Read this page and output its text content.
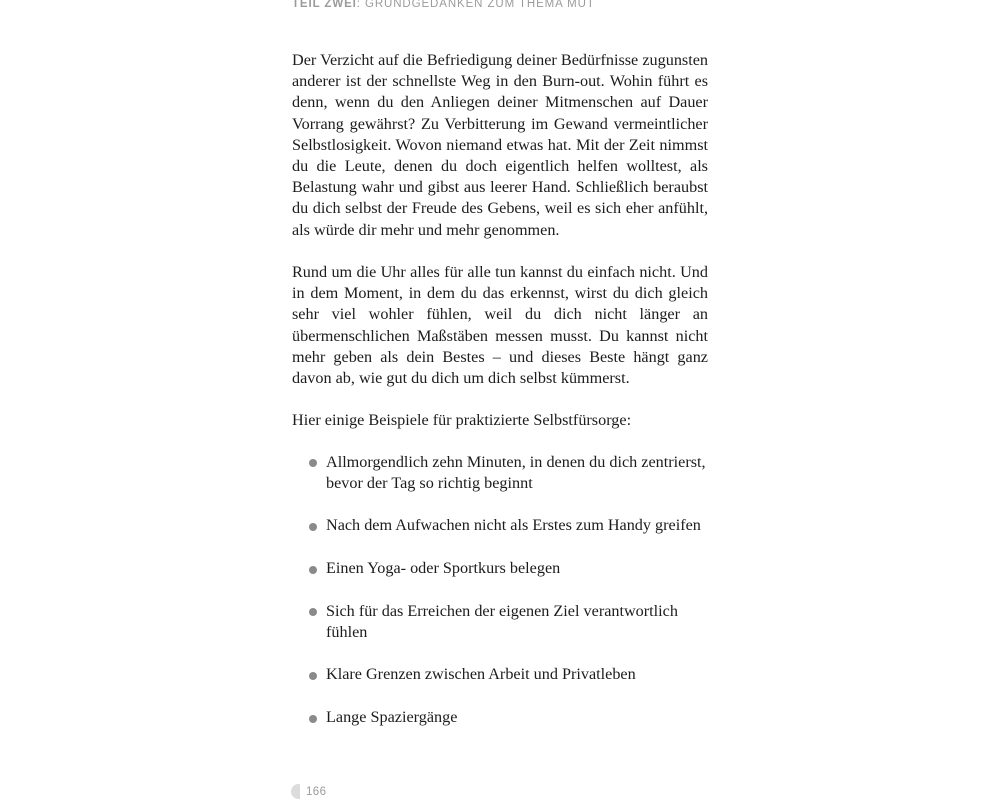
TEIL ZWEI: GRUNDGEDANKEN ZUM THEMA MUT

Der Verzicht auf die Befriedigung deiner Bedürfnisse zugunsten anderer ist der schnellste Weg in den Burn-out. Wohin führt es denn, wenn du den Anliegen deiner Mitmenschen auf Dauer Vorrang gewährst? Zu Verbitterung im Gewand vermeintlicher Selbstlosigkeit. Wovon niemand etwas hat. Mit der Zeit nimmst du die Leute, denen du doch eigentlich helfen wolltest, als Belastung wahr und gibst aus leerer Hand. Schließlich beraubst du dich selbst der Freude des Gebens, weil es sich eher anfühlt, als würde dir mehr und mehr genommen.

Rund um die Uhr alles für alle tun kannst du einfach nicht. Und in dem Moment, in dem du das erkennst, wirst du dich gleich sehr viel wohler fühlen, weil du dich nicht länger an übermenschlichen Maßstäben messen musst. Du kannst nicht mehr geben als dein Bestes – und dieses Beste hängt ganz davon ab, wie gut du dich um dich selbst kümmerst.

Hier einige Beispiele für praktizierte Selbstfürsorge:

Allmorgendlich zehn Minuten, in denen du dich zentrierst, bevor der Tag so richtig beginnt
Nach dem Aufwachen nicht als Erstes zum Handy greifen
Einen Yoga- oder Sportkurs belegen
Sich für das Erreichen der eigenen Ziel verantwortlich fühlen
Klare Grenzen zwischen Arbeit und Privatleben
Lange Spaziergänge
166
